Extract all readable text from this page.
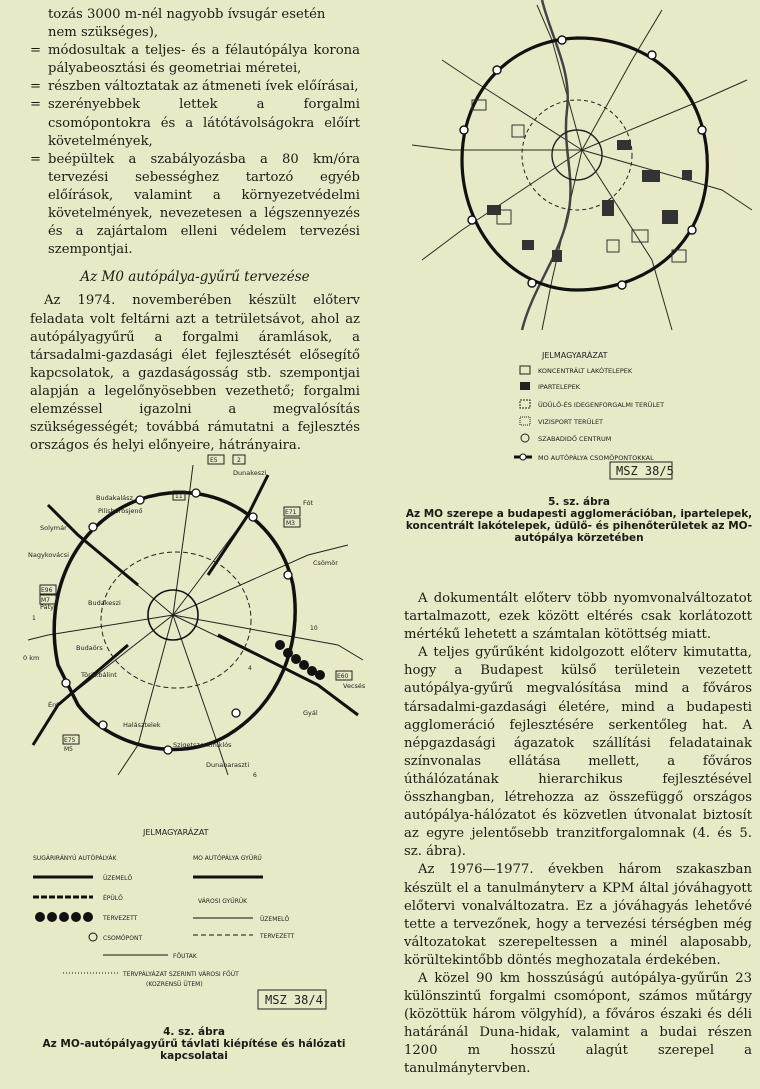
tozás 3000 m-nél nagyobb ívsugár esetén

nem szükséges),

= módosultak a teljes- és a félautópálya korona pályabeosztási és geometriai méretei,

= részben változtatak az átmeneti ívek előírásai,

= szerényebbek lettek a forgalmi csomópontokra és a látótávolságokra előírt követelmények,

= beépültek a szabályozásba a 80 km/óra tervezési sebességhez tartozó egyéb előírások, valamint a környezetvédelmi követelmények, nevezetesen a légszennyezés és a zajártalom elleni védelem tervezési szempontjai.

Az M0 autópálya-gyűrű tervezése

Az 1974. novemberében készült előterv feladata volt feltárni azt a tetrületsávot, ahol az autópályagyűrű a forgalmi áramlások, a társadalmi-gazdasági élet fejlesztését elősegítő kapcsolatok, a gazdaságosság stb. szempontjai alapján a legelőnyösebben vezethető; forgalmi elemzéssel igazolni a megvalósítás szükségességét; továbbá rámutatni a fejlesztés országos és helyi előnyeire, hátrányaira.

JELMAGYARÁZAT
KONCENTRÁLT LAKÓTELEPEK
IPARTELEPEK
ÜDÜLŐ-ÉS IDEGENFORGALMI TERÜLET
VIZISPORT TERÜLET
SZABADIDŐ CENTRUM
MO AUTÓPÁLYA CSOMÓPONTOKKAL
MSZ 38/5
5. sz. ábra
Az MO szerepe a budapesti agglomerációban, ipartelepek, koncentrált lakótelepek, üdülő- és pihenőterületek az MO-autópálya körzetében
Dunakeszi
Budakalász
Pilisborosjenő
Solymár
Nagykovácsi
Fót
Csömör
Budakeszi
Páty
Budaörs
Törökbálint
Érd
Halásztelek
Szigetszentmiklós
Dunaharaszti
Gyál
Vecsés
0 km
E5	2
11
E71
M3
10
1
E60
E75
M5
6
M7
E96
4
JELMAGYARÁZAT
SUGÁRIRÁNYÚ AUTÓPÁLYÁK
ÜZEMELŐ
ÉPÜLŐ
TERVEZETT
CSOMÓPONT
MO AUTÓPÁLYA GYŰRŰ
VÁROSI GYŰRŰK
ÜZEMELŐ
TERVEZETT
FŐUTAK
TERVPÁLYÁZAT SZERINTI VÁROSI FŐÚT
(KOZRENSÜ ÜTEM)
MSZ 38/4
4. sz. ábra
Az MO-autópályagyűrű távlati kiépítése és hálózati kapcsolatai

A dokumentált előterv több nyomvonalváltozatot tartalmazott, ezek között eltérés csak korlátozott mértékű lehetett a számtalan kötöttség miatt.

A teljes gyűrűként kidolgozott előterv kimutatta, hogy a Budapest külső területein vezetett autópálya-gyűrű megvalósítása mind a főváros társadalmi-gazdasági életére, mind a budapesti agglomeráció fejlesztésére serkentőleg hat. A népgazdasági ágazatok szállítási feladatainak színvonalas ellátása mellett, a főváros úthálózatának hierarchikus fejlesztésével összhangban, létrehozza az összefüggő országos autópálya-hálózatot és közvetlen útvonalat biztosít az egyre jelentősebb tranzitforgalomnak (4. és 5. sz. ábra).

Az 1976—1977. években három szakaszban készült el a tanulmányterv a KPM által jóváhagyott előtervi vonalváltozatra. Ez a jóváhagyás lehetővé tette a tervezőnek, hogy a tervezési térségben még változatokat szerepeltessen a minél alaposabb, körültekintőbb döntés meghozatala érdekében.

A közel 90 km hosszúságú autópálya-gyűrűn 23 különszintű forgalmi csomópont, számos műtárgy (közöttük három völgyhíd), a főváros északi és déli határánál Duna-hidak, valamint a budai részen 1200 m hosszú alagút szerepel a tanulmánytervben.
